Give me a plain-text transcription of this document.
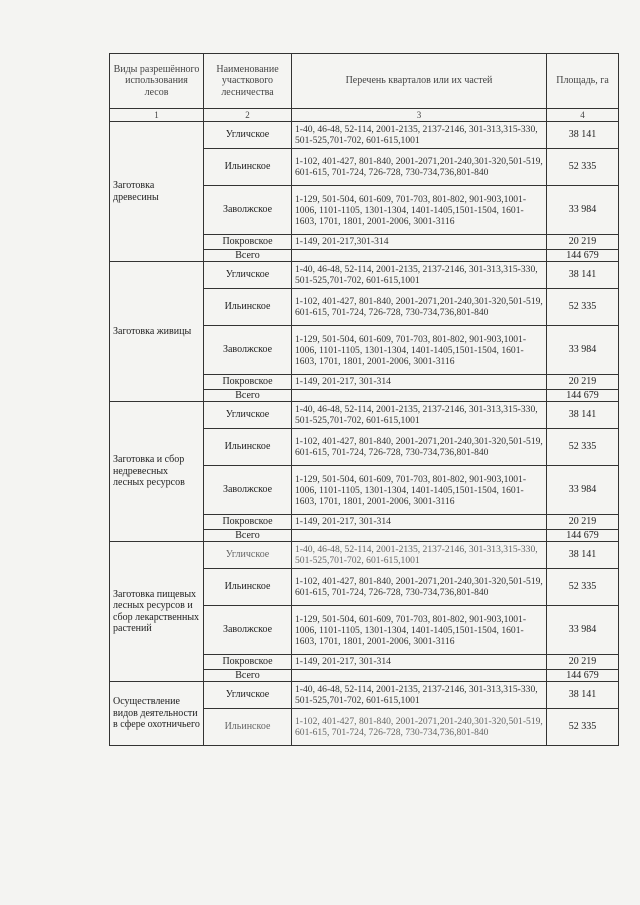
Виды разрешённого использования лесов	Наименование участкового лесничества	Перечень кварталов или их частей	Площадь, га
1	2	3	4
Заготовка древесины	Угличское	1-40, 46-48, 52-114, 2001-2135, 2137-2146, 301-313,315-330, 501-525,701-702, 601-615,1001	38 141
	Ильинское	1-102, 401-427, 801-840, 2001-2071,201-240,301-320,501-519, 601-615, 701-724, 726-728, 730-734,736,801-840	52 335
	Заволжское	1-129, 501-504, 601-609, 701-703, 801-802, 901-903,1001-1006, 1101-1105, 1301-1304, 1401-1405,1501-1504, 1601-1603, 1701, 1801, 2001-2006, 3001-3116	33 984
	Покровское	1-149, 201-217,301-314	20 219
	Всего		144 679
Заготовка живицы	Угличское	1-40, 46-48, 52-114, 2001-2135, 2137-2146, 301-313,315-330, 501-525,701-702, 601-615,1001	38 141
	Ильинское	1-102, 401-427, 801-840, 2001-2071,201-240,301-320,501-519, 601-615, 701-724, 726-728, 730-734,736,801-840	52 335
	Заволжское	1-129, 501-504, 601-609, 701-703, 801-802, 901-903,1001-1006, 1101-1105, 1301-1304, 1401-1405,1501-1504, 1601-1603, 1701, 1801, 2001-2006, 3001-3116	33 984
	Покровское	1-149, 201-217, 301-314	20 219
	Всего		144 679
Заготовка и сбор недревесных лесных ресурсов	Угличское	1-40, 46-48, 52-114, 2001-2135, 2137-2146, 301-313,315-330, 501-525,701-702, 601-615,1001	38 141
	Ильинское	1-102, 401-427, 801-840, 2001-2071,201-240,301-320,501-519, 601-615, 701-724, 726-728, 730-734,736,801-840	52 335
	Заволжское	1-129, 501-504, 601-609, 701-703, 801-802, 901-903,1001-1006, 1101-1105, 1301-1304, 1401-1405,1501-1504, 1601-1603, 1701, 1801, 2001-2006, 3001-3116	33 984
	Покровское	1-149, 201-217, 301-314	20 219
	Всего		144 679
Заготовка пищевых лесных ресурсов и сбор лекарственных растений	Угличское	1-40, 46-48, 52-114, 2001-2135, 2137-2146, 301-313,315-330, 501-525,701-702, 601-615,1001	38 141
	Ильинское	1-102, 401-427, 801-840, 2001-2071,201-240,301-320,501-519, 601-615, 701-724, 726-728, 730-734,736,801-840	52 335
	Заволжское	1-129, 501-504, 601-609, 701-703, 801-802, 901-903,1001-1006, 1101-1105, 1301-1304, 1401-1405,1501-1504, 1601-1603, 1701, 1801, 2001-2006, 3001-3116	33 984
	Покровское	1-149, 201-217, 301-314	20 219
	Всего		144 679
Осуществление видов деятельности в сфере охотничьего	Угличское	1-40, 46-48, 52-114, 2001-2135, 2137-2146, 301-313,315-330, 501-525,701-702, 601-615,1001	38 141
	Ильинское	1-102, 401-427, 801-840, 2001-2071,201-240,301-320,501-519, 601-615, 701-724, 726-728, 730-734,736,801-840	52 335
